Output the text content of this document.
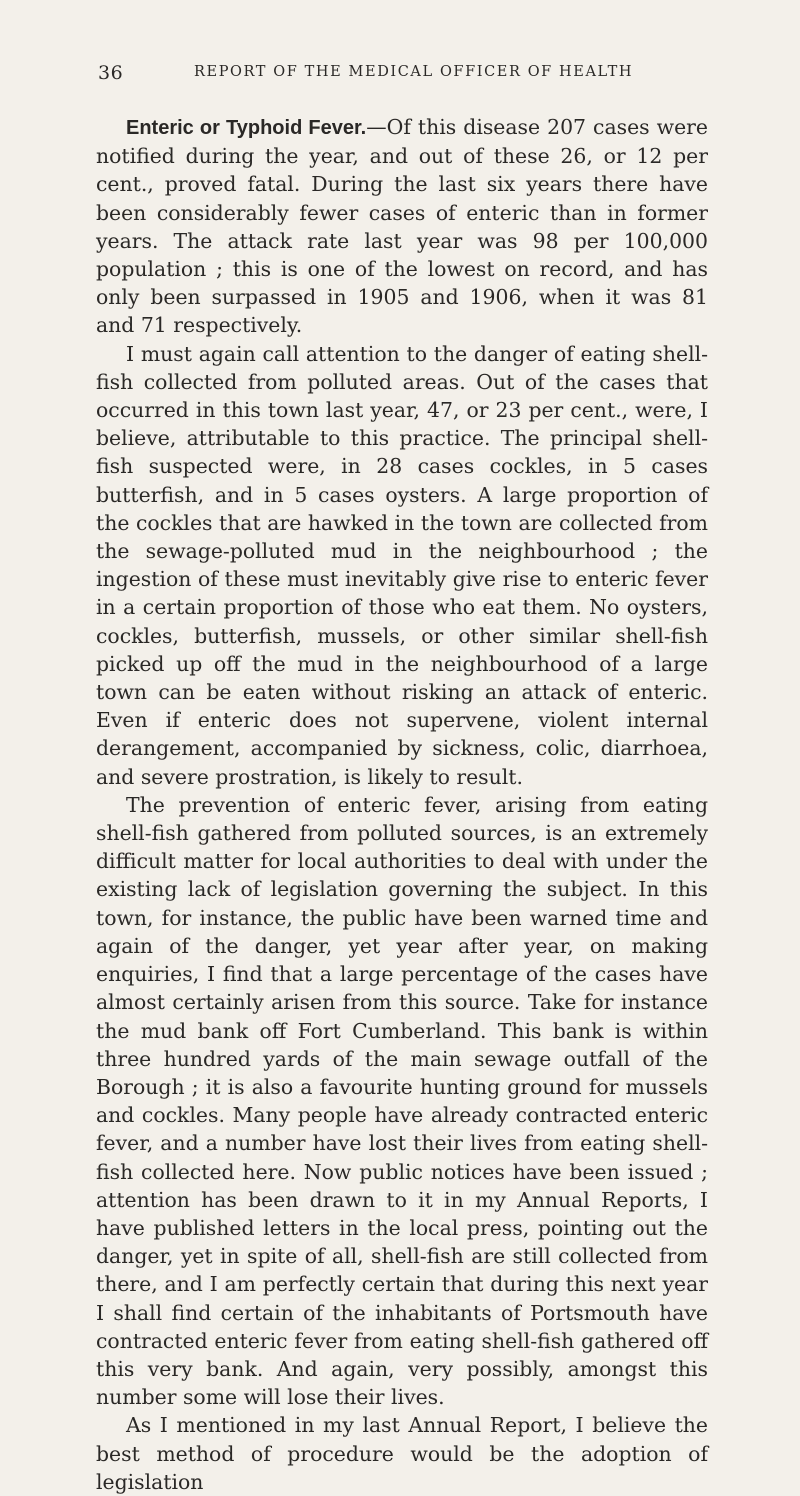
36	REPORT OF THE MEDICAL OFFICER OF HEALTH

Enteric or Typhoid Fever.—Of this disease 207 cases were notified during the year, and out of these 26, or 12 per cent., proved fatal. During the last six years there have been considerably fewer cases of enteric than in former years. The attack rate last year was 98 per 100,000 population ; this is one of the lowest on record, and has only been surpassed in 1905 and 1906, when it was 81 and 71 respectively.

I must again call attention to the danger of eating shell-fish collected from polluted areas. Out of the cases that occurred in this town last year, 47, or 23 per cent., were, I believe, attributable to this practice. The principal shell-fish suspected were, in 28 cases cockles, in 5 cases butterfish, and in 5 cases oysters. A large proportion of the cockles that are hawked in the town are collected from the sewage-polluted mud in the neighbourhood ; the ingestion of these must inevitably give rise to enteric fever in a certain proportion of those who eat them. No oysters, cockles, butterfish, mussels, or other similar shell-fish picked up off the mud in the neighbourhood of a large town can be eaten without risking an attack of enteric. Even if enteric does not supervene, violent internal derangement, accompanied by sickness, colic, diarrhoea, and severe prostration, is likely to result.

The prevention of enteric fever, arising from eating shell-fish gathered from polluted sources, is an extremely difficult matter for local authorities to deal with under the existing lack of legislation governing the subject. In this town, for instance, the public have been warned time and again of the danger, yet year after year, on making enquiries, I find that a large percentage of the cases have almost certainly arisen from this source. Take for instance the mud bank off Fort Cumberland. This bank is within three hundred yards of the main sewage outfall of the Borough ; it is also a favourite hunting ground for mussels and cockles. Many people have already contracted enteric fever, and a number have lost their lives from eating shell-fish collected here. Now public notices have been issued ; attention has been drawn to it in my Annual Reports, I have published letters in the local press, pointing out the danger, yet in spite of all, shell-fish are still collected from there, and I am perfectly certain that during this next year I shall find certain of the inhabitants of Portsmouth have contracted enteric fever from eating shell-fish gathered off this very bank. And again, very possibly, amongst this number some will lose their lives.

As I mentioned in my last Annual Report, I believe the best method of procedure would be the adoption of legislation
